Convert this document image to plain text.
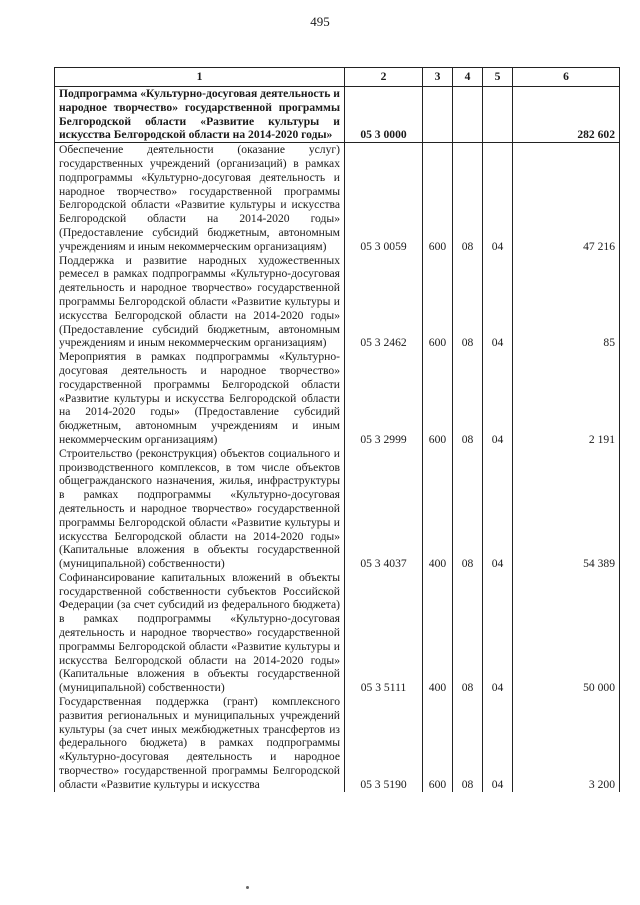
495
1	2	3	4	5	6
Подпрограмма «Культурно-досуговая деятельность и народное творчество» государственной программы Белгородской области «Развитие культуры и искусства Белгородской области на 2014-2020 годы»	05 3 0000				282 602
Обеспечение деятельности (оказание услуг) государственных учреждений (организаций) в рамках подпрограммы «Культурно-досуговая деятельность и народное творчество» государственной программы Белгородской области «Развитие культуры и искусства Белгородской области на 2014-2020 годы» (Предоставление субсидий бюджетным, автономным учреждениям и иным некоммерческим организациям)	05 3 0059	600	08	04	47 216
Поддержка и развитие народных художественных ремесел в рамках подпрограммы «Культурно-досуговая деятельность и народное творчество» государственной программы Белгородской области «Развитие культуры и искусства Белгородской области на 2014-2020 годы» (Предоставление субсидий бюджетным, автономным учреждениям и иным некоммерческим организациям)	05 3 2462	600	08	04	85
Мероприятия в рамках подпрограммы «Культурно-досуговая деятельность и народное творчество» государственной программы Белгородской области «Развитие культуры и искусства Белгородской области на 2014-2020 годы» (Предоставление субсидий бюджетным, автономным учреждениям и иным некоммерческим организациям)	05 3 2999	600	08	04	2 191
Строительство (реконструкция) объектов социального и производственного комплексов, в том числе объектов общегражданского назначения, жилья, инфраструктуры в рамках подпрограммы «Культурно-досуговая деятельность и народное творчество» государственной программы Белгородской области «Развитие культуры и искусства Белгородской области на 2014-2020 годы» (Капитальные вложения в объекты государственной (муниципальной) собственности)	05 3 4037	400	08	04	54 389
Софинансирование капитальных вложений в объекты государственной собственности субъектов Российской Федерации (за счет субсидий из федерального бюджета) в рамках подпрограммы «Культурно-досуговая деятельность и народное творчество» государственной программы Белгородской области «Развитие культуры и искусства Белгородской области на 2014-2020 годы» (Капитальные вложения в объекты государственной (муниципальной) собственности)	05 3 5111	400	08	04	50 000
Государственная поддержка (грант) комплексного развития региональных и муниципальных учреждений культуры (за счет иных межбюджетных трансфертов из федерального бюджета) в рамках подпрограммы «Культурно-досуговая деятельность и народное творчество» государственной программы Белгородской области «Развитие культуры и искусства	05 3 5190	600	08	04	3 200
